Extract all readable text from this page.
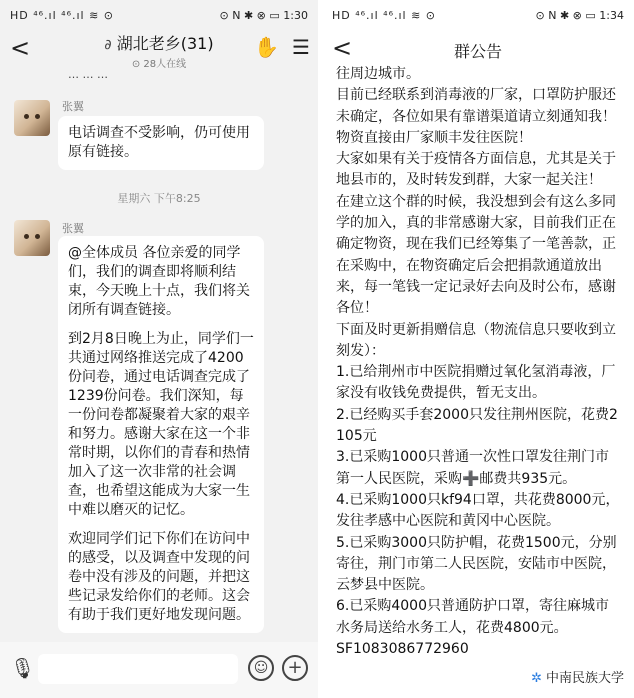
HD ⁴⁶.ıl ⁴⁶.ıl ≋ ⊙	⊙ N ✱ ⊗ ▭ 1:30
<	∂ 湖北老乡(31)
⊙ 28人在线
✋ ☰
… … …
张翼

电话调查不受影响，仍可使用原有链接。

星期六 下午8:25
张翼

@全体成员 各位亲爱的同学们，我们的调查即将顺利结束，今天晚上十点，我们将关闭所有调查链接。

到2月8日晚上为止，同学们一共通过网络推送完成了4200份问卷，通过电话调查完成了1239份问卷。我们深知，每一份问卷都凝聚着大家的艰辛和努力。感谢大家在这一个非常时期，以你们的青春和热情加入了这一次非常的社会调查，也希望这能成为大家一生中难以磨灭的记忆。

欢迎同学们记下你们在访问中的感受，以及调查中发现的问卷中没有涉及的问题，并把这些记录发给你们的老师。这会有助于我们更好地发现问题。

🎙	☺	+
HD ⁴⁶.ıl ⁴⁶.ıl ≋ ⊙	⊙ N ✱ ⊗ ▭ 1:34
<	群公告
往周边城市。
目前已经联系到消毒液的厂家，口罩防护服还未确定，各位如果有靠谱渠道请立刻通知我！物资直接由厂家顺丰发往医院！
大家如果有关于疫情各方面信息，尤其是关于地县市的，及时转发到群，大家一起关注！
在建立这个群的时候，我没想到会有这么多同学的加入，真的非常感谢大家，目前我们正在确定物资，现在我们已经筹集了一笔善款，正在采购中，在物资确定后会把捐款通道放出来，每一笔钱一定记录好去向及时公布，感谢各位！
下面及时更新捐赠信息（物流信息只要收到立刻发）：
1.已给荆州市中医院捐赠过氧化氢消毒液，厂家没有收钱免费提供，暂无支出。
2.已经购买手套2000只发往荆州医院，花费2105元
3.已采购1000只普通一次性口罩发往荆门市第一人民医院，采购➕邮费共935元。
4.已采购1000只kf94口罩，共花费8000元，发往孝感中心医院和黄冈中心医院。
5.已采购3000只防护帽，花费1500元，分别寄往，荆门市第二人民医院，安陆市中医院，云梦县中医院。
6.已采购4000只普通防护口罩，寄往麻城市水务局送给水务工人，花费4800元。
SF1083086772960
✲ 中南民族大学
